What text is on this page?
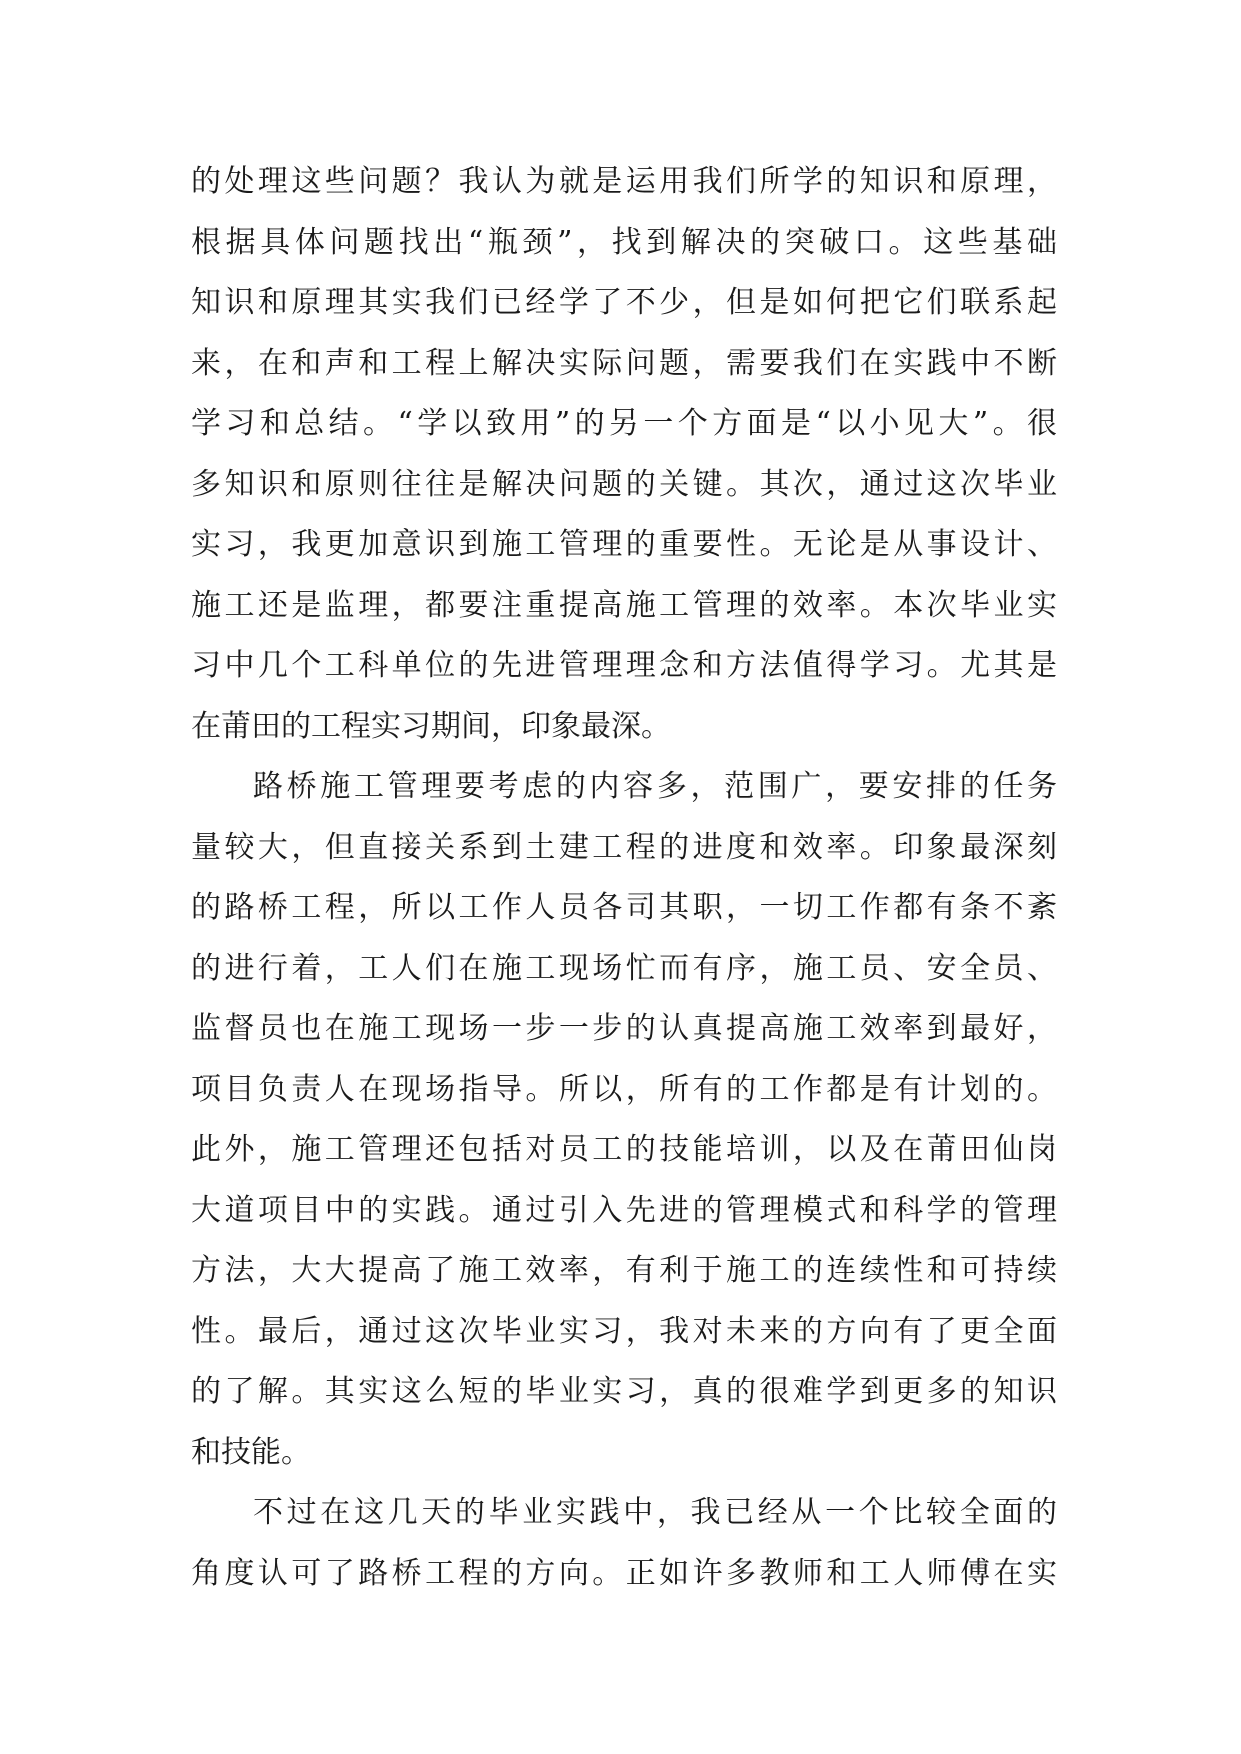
的处理这些问题？我认为就是运用我们所学的知识和原理，
根据具体问题找出“瓶颈”，找到解决的突破口。这些基础
知识和原理其实我们已经学了不少，但是如何把它们联系起
来，在和声和工程上解决实际问题，需要我们在实践中不断
学习和总结。“学以致用”的另一个方面是“以小见大”。很
多知识和原则往往是解决问题的关键。其次，通过这次毕业
实习，我更加意识到施工管理的重要性。无论是从事设计、
施工还是监理，都要注重提高施工管理的效率。本次毕业实
习中几个工科单位的先进管理理念和方法值得学习。尤其是
在莆田的工程实习期间，印象最深。
路桥施工管理要考虑的内容多，范围广，要安排的任务
量较大，但直接关系到土建工程的进度和效率。印象最深刻
的路桥工程，所以工作人员各司其职，一切工作都有条不紊
的进行着，工人们在施工现场忙而有序，施工员、安全员、
监督员也在施工现场一步一步的认真提高施工效率到最好，
项目负责人在现场指导。所以，所有的工作都是有计划的。
此外，施工管理还包括对员工的技能培训，以及在莆田仙岗
大道项目中的实践。通过引入先进的管理模式和科学的管理
方法，大大提高了施工效率，有利于施工的连续性和可持续
性。最后，通过这次毕业实习，我对未来的方向有了更全面
的了解。其实这么短的毕业实习，真的很难学到更多的知识
和技能。
不过在这几天的毕业实践中，我已经从一个比较全面的
角度认可了路桥工程的方向。正如许多教师和工人师傅在实
